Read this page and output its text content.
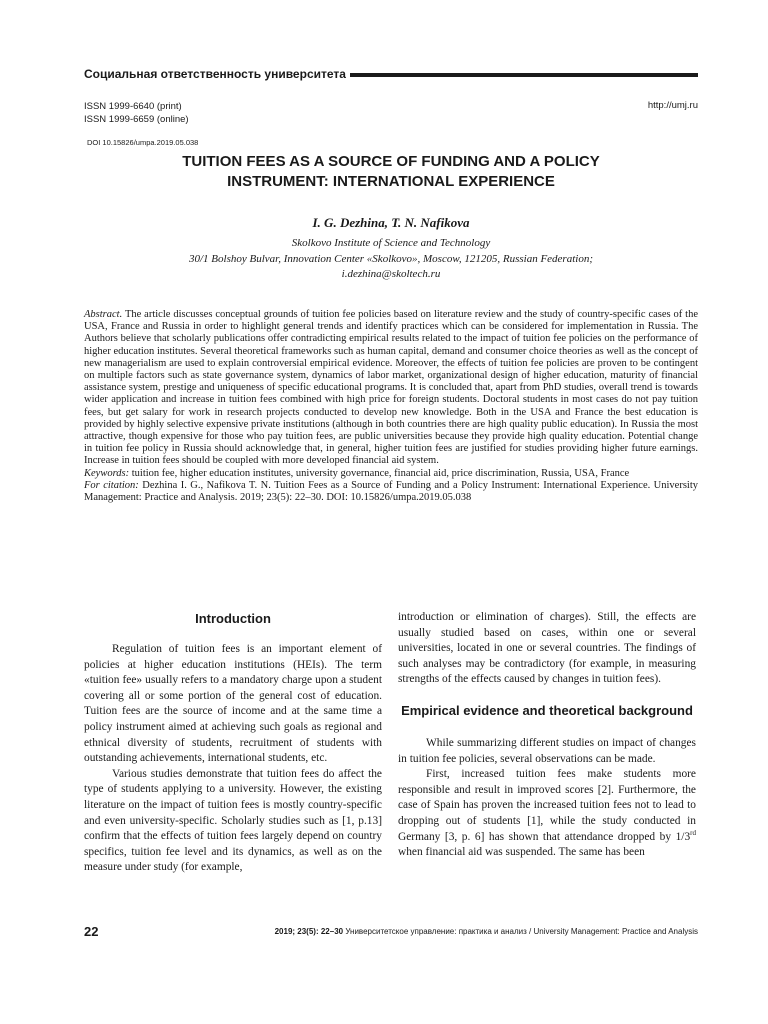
Социальная ответственность университета
ISSN 1999-6640 (print)
ISSN 1999-6659 (online)
http://umj.ru
DOI 10.15826/umpa.2019.05.038
TUITION FEES AS A SOURCE OF FUNDING AND A POLICY
INSTRUMENT: INTERNATIONAL EXPERIENCE
I. G. Dezhina, T. N. Nafikova
Skolkovo Institute of Science and Technology
30/1 Bolshoy Bulvar, Innovation Center «Skolkovo», Moscow, 121205, Russian Federation;
i.dezhina@skoltech.ru

Abstract. The article discusses conceptual grounds of tuition fee policies based on literature review and the study of country-specific cases of the USA, France and Russia in order to highlight general trends and identify practices which can be considered for implementation in Russia. The Authors believe that scholarly publications offer contradicting empirical results related to the impact of tuition fee policies on the performance of higher education institutes. Several theoretical frameworks such as human capital, demand and consumer choice theories as well as the concept of new managerialism are used to explain controversial empirical evidence. Moreover, the effects of tuition fee policies are proven to be contingent on multiple factors such as state governance system, dynamics of labor market, organizational design of higher education, maturity of financial assistance system, prestige and uniqueness of specific educational programs. It is concluded that, apart from PhD studies, overall trend is towards wider application and increase in tuition fees combined with high price for foreign students. Doctoral students in most cases do not pay tuition fees, but get salary for work in research projects conducted to develop new knowledge. Both in the USA and France the best education is provided by highly selective expensive private institutions (although in both countries there are high quality public education). In Russia the most attractive, though expensive for those who pay tuition fees, are public universities because they provide high quality education. Potential change in tuition fee policy in Russia should acknowledge that, in general, higher tuition fees are justified for studies providing higher future earnings. Increase in tuition fees should be coupled with more developed financial aid system.

Keywords: tuition fee, higher education institutes, university governance, financial aid, price discrimination, Russia, USA, France

For citation: Dezhina I. G., Nafikova T. N. Tuition Fees as a Source of Funding and a Policy Instrument: International Experience. University Management: Practice and Analysis. 2019; 23(5): 22–30. DOI: 10.15826/umpa.2019.05.038

Introduction

Regulation of tuition fees is an important element of policies at higher education institutions (HEIs). The term «tuition fee» usually refers to a mandatory charge upon a student covering all or some portion of the general cost of education. Tuition fees are the source of income and at the same time a policy instrument aimed at achieving such goals as regional and ethnical diversity of students, recruitment of students with outstanding achievements, international students, etc.

Various studies demonstrate that tuition fees do affect the type of students applying to a university. However, the existing literature on the impact of tuition fees is mostly country-specific and even university-specific. Scholarly studies such as [1, p.13] confirm that the effects of tuition fees largely depend on country specifics, tuition fee level and its dynamics, as well as on the measure under study (for example,

introduction or elimination of charges). Still, the effects are usually studied based on cases, within one or several universities, located in one or several countries. The findings of such analyses may be contradictory (for example, in measuring strengths of the effects caused by changes in tuition fees).

Empirical evidence and theoretical background

While summarizing different studies on impact of changes in tuition fee policies, several observations can be made.

First, increased tuition fees make students more responsible and result in improved scores [2]. Furthermore, the case of Spain has proven the increased tuition fees not to lead to dropping out of students [1], while the study conducted in Germany [3, p. 6] has shown that attendance dropped by 1/3rd when financial aid was suspended. The same has been

22	2019; 23(5): 22–30 Университетское управление: практика и анализ / University Management: Practice and Analysis
